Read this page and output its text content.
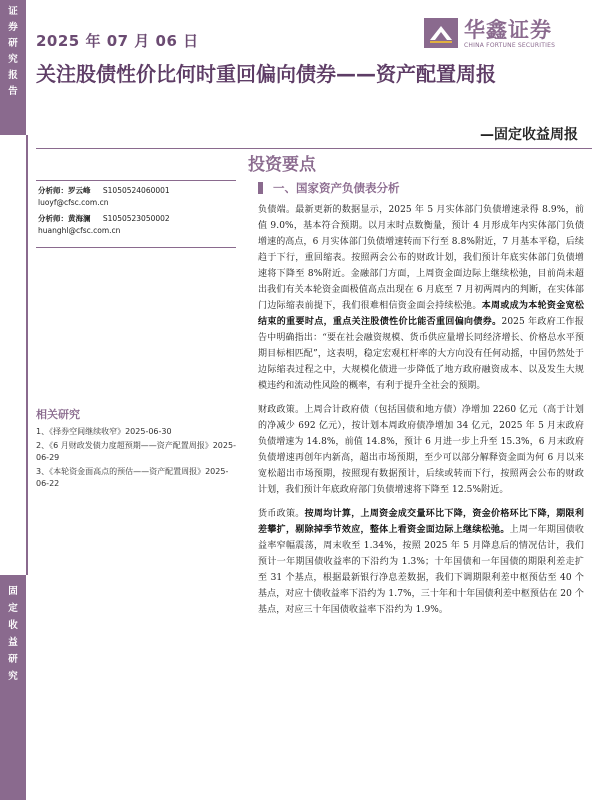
证
券
研
究
报
告
固
定
收
益
研
究
2025 年 07 月 06 日	华鑫证券
CHINA FORTUNE SECURITIES
关注股债性价比何时重回偏向债券——资产配置周报
—固定收益周报
投资要点
分析师：罗云峰 S1050524060001
luoyf@cfsc.com.cn
分析师：黄海澜 S1050523050002
huanghl@cfsc.com.cn
相关研究
1、《择券空间继续收窄》2025-06-30
2、《6 月财政发债力度超预期——资产配置周报》2025-06-29
3、《本轮资金面高点的预估——资产配置周报》2025-06-22
一、国家资产负债表分析

负债端。最新更新的数据显示，2025 年 5 月实体部门负债增速录得 8.9%，前值 9.0%，基本符合预期。以月末时点数衡量，预计 4 月形成年内实体部门负债增速的高点，6 月实体部门负债增速转而下行至 8.8%附近，7 月基本平稳，后续趋于下行，重回缩表。按照两会公布的财政计划，我们预计年底实体部门负债增速将下降至 8%附近。金融部门方面，上周资金面边际上继续松弛，目前尚未超出我们有关本轮资金面极值高点出现在 6 月底至 7 月初两周内的判断，在实体部门边际缩表前提下，我们很难相信资金面会持续松弛。本周或成为本轮资金宽松结束的重要时点，重点关注股债性价比能否重回偏向债券。2025 年政府工作报告中明确指出：“要在社会融资规模、货币供应量增长同经济增长、价格总水平预期目标相匹配”，这表明，稳定宏观杠杆率的大方向没有任何动摇，中国仍然处于边际缩表过程之中，大规模化债进一步降低了地方政府融资成本、以及发生大规模违约和流动性风险的概率，有利于提升全社会的预期。

财政政策。上周合计政府债（包括国债和地方债）净增加 2260 亿元（高于计划的净减少 692 亿元），按计划本周政府债净增加 34 亿元，2025 年 5 月末政府负债增速为 14.8%，前值 14.8%，预计 6 月进一步上升至 15.3%，6 月末政府负债增速再创年内新高，超出市场预期，至少可以部分解释资金面为何 6 月以来宽松超出市场预期，按照现有数据预计，后续或转而下行，按照两会公布的财政计划，我们预计年底政府部门负债增速将下降至 12.5%附近。

货币政策。按周均计算，上周资金成交量环比下降，资金价格环比下降，期限利差攀扩，剔除掉季节效应，整体上看资金面边际上继续松弛。上周一年期国债收益率窄幅震荡，周末收至 1.34%，按照 2025 年 5 月降息后的情况估计，我们预计一年期国债收益率的下沿约为 1.3%；十年国债和一年国债的期限利差走扩至 31 个基点，根据最新银行净息差数据，我们下调期限利差中枢预估至 40 个基点，对应十债收益率下沿约为 1.7%，三十年和十年国债利差中枢预估在 20 个基点，对应三十年国债收益率下沿约为 1.9%。
